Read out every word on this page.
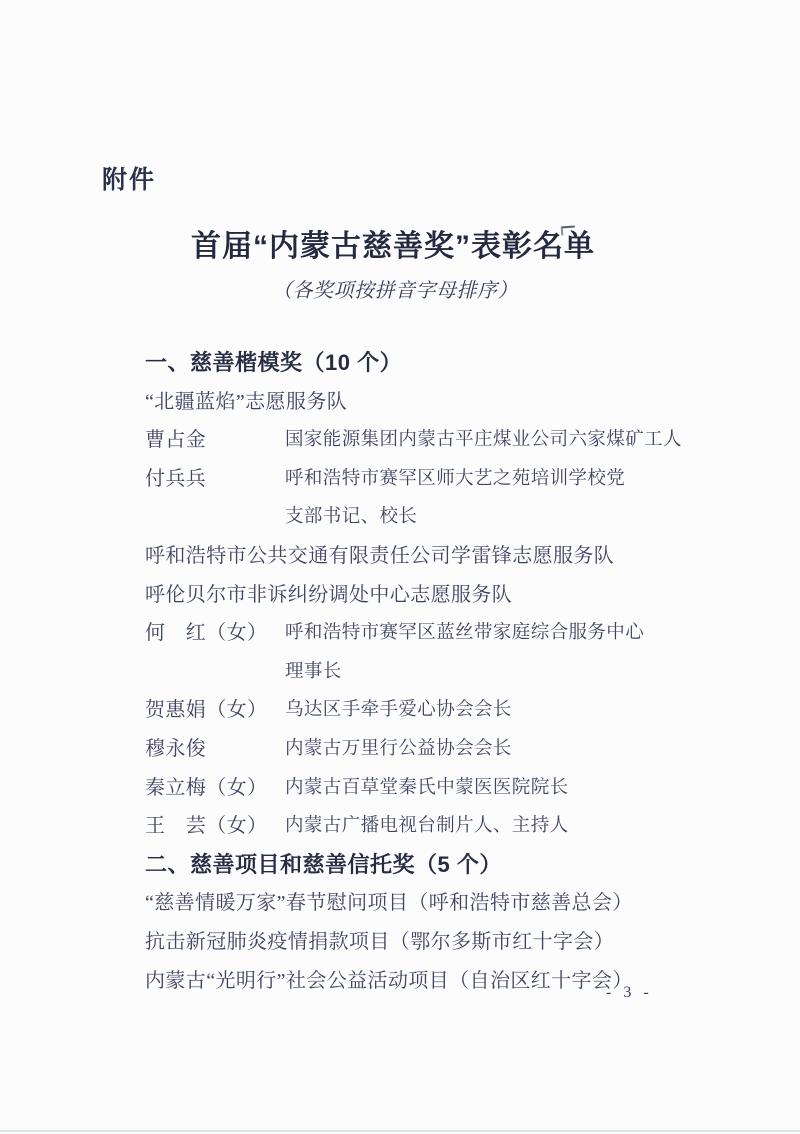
附件
首届“内蒙古慈善奖”表彰名单
（各奖项按拼音字母排序）
一、慈善楷模奖（10 个）
“北疆蓝焰”志愿服务队
曹占金	国家能源集团内蒙古平庄煤业公司六家煤矿工人
付兵兵	呼和浩特市赛罕区师大艺之苑培训学校党
支部书记、校长
呼和浩特市公共交通有限责任公司学雷锋志愿服务队
呼伦贝尔市非诉纠纷调处中心志愿服务队
何　红（女） 呼和浩特市赛罕区蓝丝带家庭综合服务中心
理事长
贺惠娟（女） 乌达区手牵手爱心协会会长
穆永俊	内蒙古万里行公益协会会长
秦立梅（女） 内蒙古百草堂秦氏中蒙医医院院长
王　芸（女） 内蒙古广播电视台制片人、主持人
二、慈善项目和慈善信托奖（5 个）
“慈善情暖万家”春节慰问项目（呼和浩特市慈善总会）
抗击新冠肺炎疫情捐款项目（鄂尔多斯市红十字会）
内蒙古“光明行”社会公益活动项目（自治区红十字会）
- 3 -
